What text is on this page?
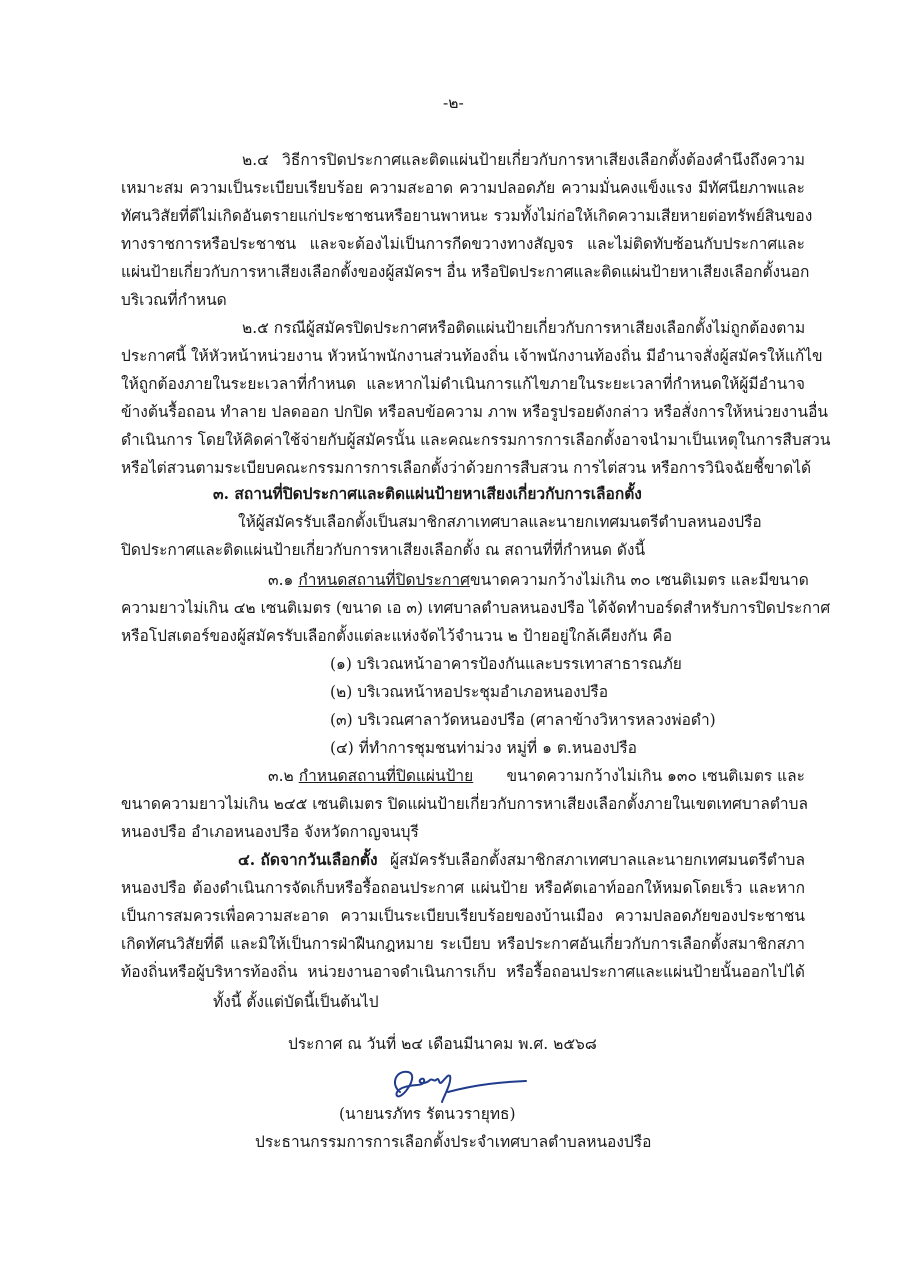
-๒-
๒.๔ วิธีการปิดประกาศและติดแผ่นป้ายเกี่ยวกับการหาเสียงเลือกตั้งต้องคำนึงถึงความ
เหมาะสม ความเป็นระเบียบเรียบร้อย ความสะอาด ความปลอดภัย ความมั่นคงแข็งแรง มีทัศนียภาพและ
ทัศนวิสัยที่ดีไม่เกิดอันตรายแก่ประชาชนหรือยานพาหนะ รวมทั้งไม่ก่อให้เกิดความเสียหายต่อทรัพย์สินของ
ทางราชการหรือประชาชน และจะต้องไม่เป็นการกีดขวางทางสัญจร และไม่ติดทับซ้อนกับประกาศและ
แผ่นป้ายเกี่ยวกับการหาเสียงเลือกตั้งของผู้สมัครฯ อื่น หรือปิดประกาศและติดแผ่นป้ายหาเสียงเลือกตั้งนอก
บริเวณที่กำหนด
๒.๕ กรณีผู้สมัครปิดประกาศหรือติดแผ่นป้ายเกี่ยวกับการหาเสียงเลือกตั้งไม่ถูกต้องตาม
ประกาศนี้ ให้หัวหน้าหน่วยงาน หัวหน้าพนักงานส่วนท้องถิ่น เจ้าพนักงานท้องถิ่น มีอำนาจสั่งผู้สมัครให้แก้ไข
ให้ถูกต้องภายในระยะเวลาที่กำหนด และหากไม่ดำเนินการแก้ไขภายในระยะเวลาที่กำหนดให้ผู้มีอำนาจ
ข้างต้นรื้อถอน ทำลาย ปลดออก ปกปิด หรือลบข้อความ ภาพ หรือรูปรอยดังกล่าว หรือสั่งการให้หน่วยงานอื่น
ดำเนินการ โดยให้คิดค่าใช้จ่ายกับผู้สมัครนั้น และคณะกรรมการการเลือกตั้งอาจนำมาเป็นเหตุในการสืบสวน
หรือไต่สวนตามระเบียบคณะกรรมการการเลือกตั้งว่าด้วยการสืบสวน การไต่สวน หรือการวินิจฉัยชี้ขาดได้
๓. สถานที่ปิดประกาศและติดแผ่นป้ายหาเสียงเกี่ยวกับการเลือกตั้ง
ให้ผู้สมัครรับเลือกตั้งเป็นสมาชิกสภาเทศบาลและนายกเทศมนตรีตำบลหนองปรือ
ปิดประกาศและติดแผ่นป้ายเกี่ยวกับการหาเสียงเลือกตั้ง ณ สถานที่ที่กำหนด ดังนี้
๓.๑ กำหนดสถานที่ปิดประกาศ ขนาดความกว้างไม่เกิน ๓๐ เซนติเมตร และมีขนาด
ความยาวไม่เกิน ๔๒ เซนติเมตร (ขนาด เอ ๓) เทศบาลตำบลหนองปรือ ได้จัดทำบอร์ดสำหรับการปิดประกาศ
หรือโปสเตอร์ของผู้สมัครรับเลือกตั้งแต่ละแห่งจัดไว้จำนวน ๒ ป้ายอยู่ใกล้เคียงกัน คือ
(๑) บริเวณหน้าอาคารป้องกันและบรรเทาสาธารณภัย
(๒) บริเวณหน้าหอประชุมอำเภอหนองปรือ
(๓) บริเวณศาลาวัดหนองปรือ (ศาลาข้างวิหารหลวงพ่อดำ)
(๔) ที่ทำการชุมชนท่าม่วง หมู่ที่ ๑ ต.หนองปรือ
๓.๒ กำหนดสถานที่ปิดแผ่นป้าย ขนาดความกว้างไม่เกิน ๑๓๐ เซนติเมตร และ
ขนาดความยาวไม่เกิน ๒๔๕ เซนติเมตร ปิดแผ่นป้ายเกี่ยวกับการหาเสียงเลือกตั้งภายในเขตเทศบาลตำบล
หนองปรือ อำเภอหนองปรือ จังหวัดกาญจนบุรี
๔. ถัดจากวันเลือกตั้ง ผู้สมัครรับเลือกตั้งสมาชิกสภาเทศบาลและนายกเทศมนตรีตำบล
หนองปรือ ต้องดำเนินการจัดเก็บหรือรื้อถอนประกาศ แผ่นป้าย หรือคัตเอาท์ออกให้หมดโดยเร็ว และหาก
เป็นการสมควรเพื่อความสะอาด ความเป็นระเบียบเรียบร้อยของบ้านเมือง ความปลอดภัยของประชาชน
เกิดทัศนวิสัยที่ดี และมิให้เป็นการฝ่าฝืนกฎหมาย ระเบียบ หรือประกาศอันเกี่ยวกับการเลือกตั้งสมาชิกสภา
ท้องถิ่นหรือผู้บริหารท้องถิ่น หน่วยงานอาจดำเนินการเก็บ หรือรื้อถอนประกาศและแผ่นป้ายนั้นออกไปได้
ทั้งนี้ ตั้งแต่บัดนี้เป็นต้นไป
ประกาศ ณ วันที่ ๒๔ เดือนมีนาคม พ.ศ. ๒๕๖๘
(นายนรภัทร รัตนวรายุทธ)
ประธานกรรมการการเลือกตั้งประจำเทศบาลตำบลหนองปรือ
